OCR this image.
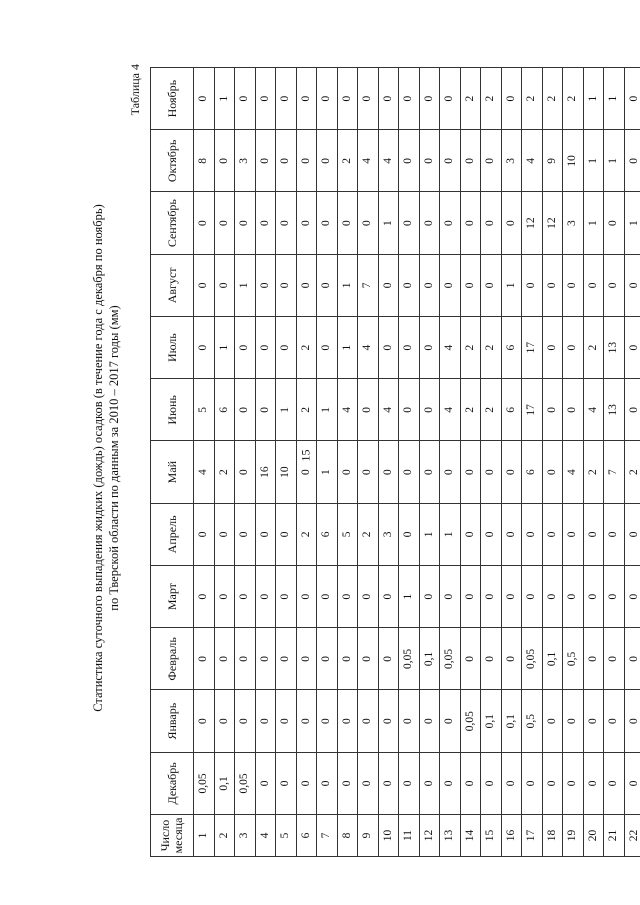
15
Статистика суточного выпадения жидких (дождь) осадков (в течение года с декабря по ноябрь) по Тверской области по данным за 2010 – 2017 годы (мм)
Таблица 4
Число месяца	Декабрь	Январь	Февраль	Март	Апрель	Май	Июнь	Июль	Август	Сентябрь	Октябрь	Ноябрь
1	0,05	0	0	0	0	4	5	0	0	0	8	0
2	0,1	0	0	0	0	2	6	1	0	0	0	1
3	0,05	0	0	0	0	0	0	0	1	0	3	0
4	0	0	0	0	0	16	0	0	0	0	0	0
5	0	0	0	0	0	10	1	0	0	0	0	0
6	0	0	0	0	2	0	2	2	0	0	0	0
7	0	0	0	0	6	1	1	0	0	0	0	0
8	0	0	0	0	5	0	4	1	1	0	2	0
9	0	0	0	0	2	0	0	4	7	0	4	0
10	0	0	0	0	3	0	4	0	0	1	4	0
11	0	0	0,05	1	0	0	0	0	0	0	0	0
12	0	0	0,1	0	1	0	0	0	0	0	0	0
13	0	0	0,05	0	1	0	4	4	0	0	0	0
14	0	0,05	0	0	0	0	2	2	0	0	0	2
15	0	0,1	0	0	0	0	2	2	0	0	0	2
16	0	0,1	0	0	0	0	6	6	1	0	3	0
17	0	0,5	0,05	0	0	6	17	17	0	12	4	2
18	0	0	0,1	0	0	0	0	0	0	12	9	2
19	0	0	0,5	0	0	4	0	0	0	3	10	2
20	0	0	0	0	0	2	4	2	0	1	1	1
21	0	0	0	0	0	7	13	13	0	0	1	1
22	0	0	0	0	0	2	0	0	0	1	0	0
